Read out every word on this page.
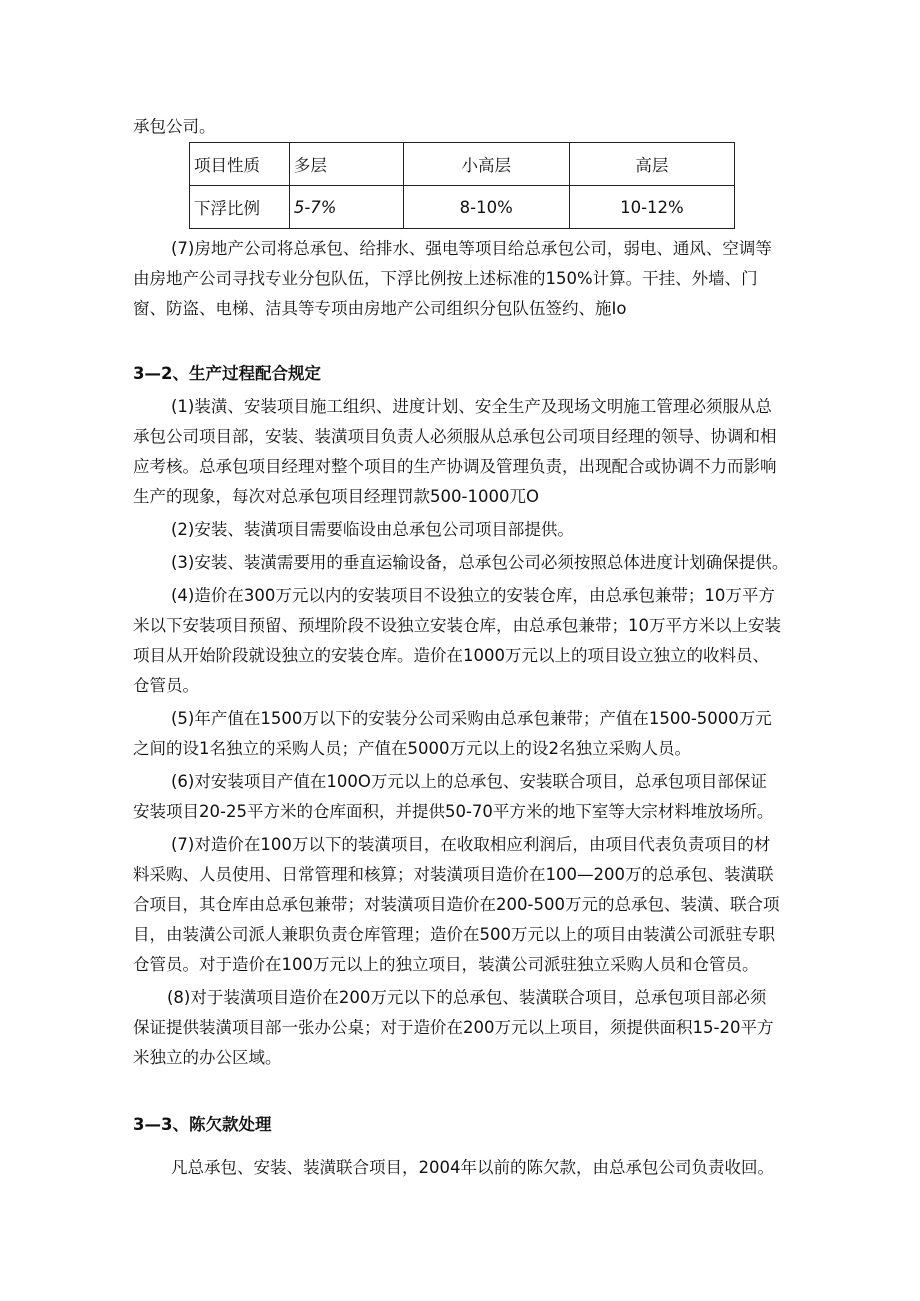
承包公司。
项目性质	多层	小高层	高层
下浮比例	5-7%	8-10%	10-12%
(7)房地产公司将总承包、给排水、强电等项目给总承包公司，弱电、通风、空调等
由房地产公司寻找专业分包队伍，下浮比例按上述标准的150%计算。干挂、外墙、门
窗、防盗、电梯、洁具等专项由房地产公司组织分包队伍签约、施Io
3—2、生产过程配合规定
(1)装潢、安装项目施工组织、进度计划、安全生产及现场文明施工管理必须服从总
承包公司项目部，安装、装潢项目负责人必须服从总承包公司项目经理的领导、协调和相
应考核。总承包项目经理对整个项目的生产协调及管理负责，出现配合或协调不力而影响
生产的现象，每次对总承包项目经理罚款500-1000兀O
(2)安装、装潢项目需要临设由总承包公司项目部提供。
(3)安装、装潢需要用的垂直运输设备，总承包公司必须按照总体进度计划确保提供。
(4)造价在300万元以内的安装项目不设独立的安装仓库，由总承包兼带；10万平方
米以下安装项目预留、预埋阶段不设独立安装仓库，由总承包兼带；10万平方米以上安装
项目从开始阶段就设独立的安装仓库。造价在1000万元以上的项目设立独立的收料员、
仓管员。
(5)年产值在1500万以下的安装分公司采购由总承包兼带；产值在1500-5000万元
之间的设1名独立的采购人员；产值在5000万元以上的设2名独立采购人员。
(6)对安装项目产值在100O万元以上的总承包、安装联合项目，总承包项目部保证
安装项目20-25平方米的仓库面积，并提供50-70平方米的地下室等大宗材料堆放场所。
(7)对造价在100万以下的装潢项目，在收取相应利润后，由项目代表负责项目的材
料采购、人员使用、日常管理和核算；对装潢项目造价在100—200万的总承包、装潢联
合项目，其仓库由总承包兼带；对装潢项目造价在200-500万元的总承包、装潢、联合项
目，由装潢公司派人兼职负责仓库管理；造价在500万元以上的项目由装潢公司派驻专职
仓管员。对于造价在100万元以上的独立项目，装潢公司派驻独立采购人员和仓管员。
(8)对于装潢项目造价在200万元以下的总承包、装潢联合项目，总承包项目部必须
保证提供装潢项目部一张办公桌；对于造价在200万元以上项目，须提供面积15-20平方
米独立的办公区域。
3—3、陈欠款处理
凡总承包、安装、装潢联合项目，2004年以前的陈欠款，由总承包公司负责收回。
